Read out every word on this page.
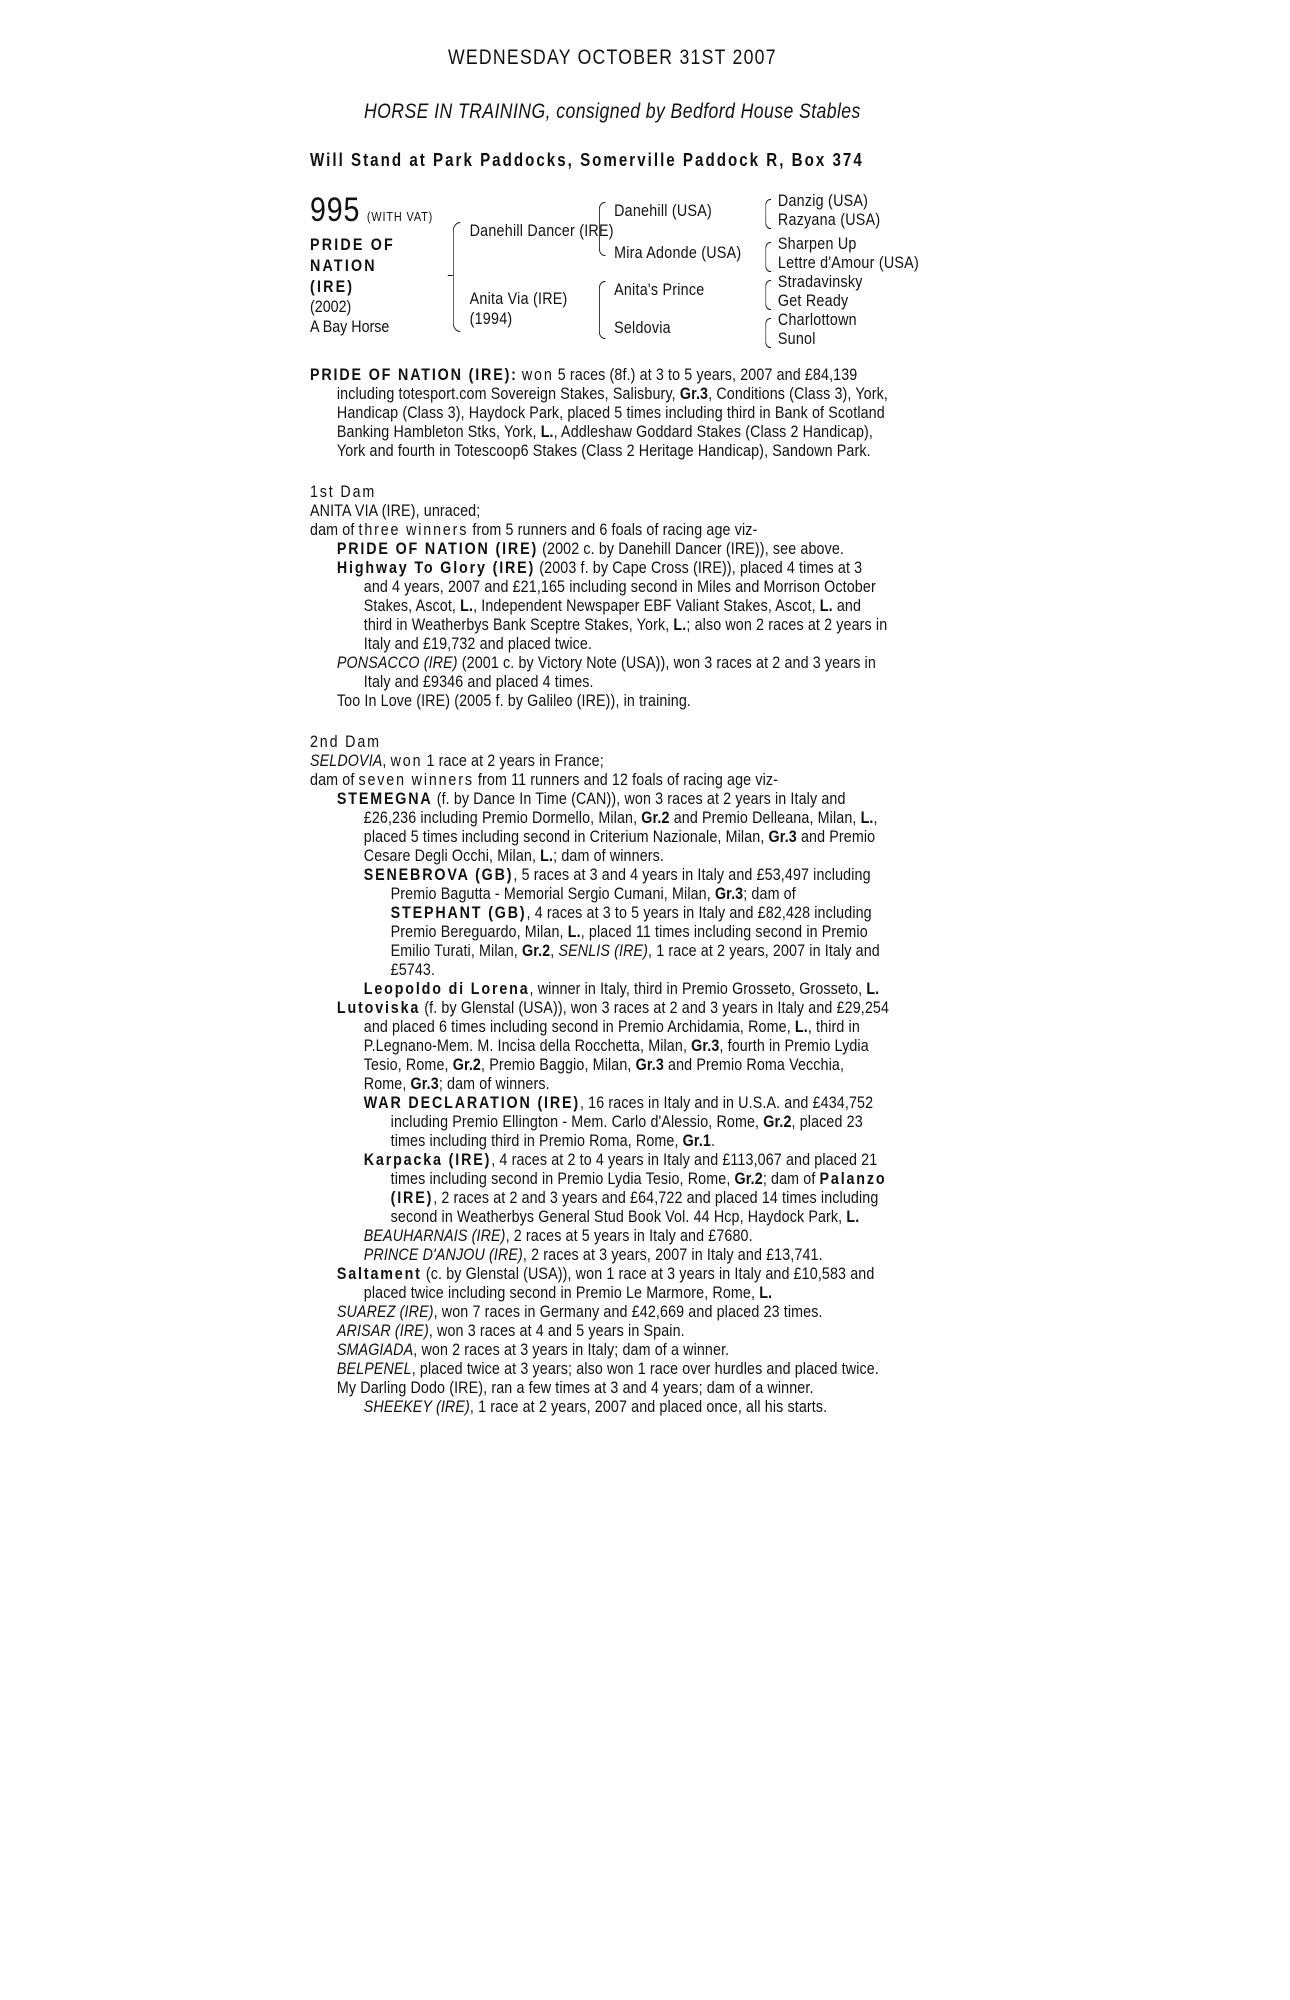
WEDNESDAY OCTOBER 31ST 2007
HORSE IN TRAINING, consigned by Bedford House Stables
Will Stand at Park Paddocks, Somerville Paddock R, Box 374
995 (WITH VAT)
PRIDE OF NATION
(IRE)
(2002)
A Bay Horse
Danehill Dancer (IRE)
Anita Via (IRE)
(1994)
Danehill (USA)
Mira Adonde (USA)
Anita's Prince
Seldovia
Danzig (USA)
Razyana (USA)
Sharpen Up
Lettre d'Amour (USA)
Stradavinsky
Get Ready
Charlottown
Sunol

PRIDE OF NATION (IRE): won 5 races (8f.) at 3 to 5 years, 2007 and £84,139 including totesport.com Sovereign Stakes, Salisbury, Gr.3, Conditions (Class 3), York, Handicap (Class 3), Haydock Park, placed 5 times including third in Bank of Scotland Banking Hambleton Stks, York, L., Addleshaw Goddard Stakes (Class 2 Handicap), York and fourth in Totescoop6 Stakes (Class 2 Heritage Handicap), Sandown Park.

1st Dam

ANITA VIA (IRE), unraced;

dam of three winners from 5 runners and 6 foals of racing age viz-

PRIDE OF NATION (IRE) (2002 c. by Danehill Dancer (IRE)), see above.

Highway To Glory (IRE) (2003 f. by Cape Cross (IRE)), placed 4 times at 3 and 4 years, 2007 and £21,165 including second in Miles and Morrison October Stakes, Ascot, L., Independent Newspaper EBF Valiant Stakes, Ascot, L. and third in Weatherbys Bank Sceptre Stakes, York, L.; also won 2 races at 2 years in Italy and £19,732 and placed twice.

PONSACCO (IRE) (2001 c. by Victory Note (USA)), won 3 races at 2 and 3 years in Italy and £9346 and placed 4 times.

Too In Love (IRE) (2005 f. by Galileo (IRE)), in training.

2nd Dam

SELDOVIA, won 1 race at 2 years in France;

dam of seven winners from 11 runners and 12 foals of racing age viz-

STEMEGNA (f. by Dance In Time (CAN)), won 3 races at 2 years in Italy and £26,236 including Premio Dormello, Milan, Gr.2 and Premio Delleana, Milan, L., placed 5 times including second in Criterium Nazionale, Milan, Gr.3 and Premio Cesare Degli Occhi, Milan, L.; dam of winners.

SENEBROVA (GB), 5 races at 3 and 4 years in Italy and £53,497 including Premio Bagutta - Memorial Sergio Cumani, Milan, Gr.3; dam of STEPHANT (GB), 4 races at 3 to 5 years in Italy and £82,428 including Premio Bereguardo, Milan, L., placed 11 times including second in Premio Emilio Turati, Milan, Gr.2, SENLIS (IRE), 1 race at 2 years, 2007 in Italy and £5743.

Leopoldo di Lorena, winner in Italy, third in Premio Grosseto, Grosseto, L.

Lutoviska (f. by Glenstal (USA)), won 3 races at 2 and 3 years in Italy and £29,254 and placed 6 times including second in Premio Archidamia, Rome, L., third in P.Legnano-Mem. M. Incisa della Rocchetta, Milan, Gr.3, fourth in Premio Lydia Tesio, Rome, Gr.2, Premio Baggio, Milan, Gr.3 and Premio Roma Vecchia, Rome, Gr.3; dam of winners.

WAR DECLARATION (IRE), 16 races in Italy and in U.S.A. and £434,752 including Premio Ellington - Mem. Carlo d'Alessio, Rome, Gr.2, placed 23 times including third in Premio Roma, Rome, Gr.1.

Karpacka (IRE), 4 races at 2 to 4 years in Italy and £113,067 and placed 21 times including second in Premio Lydia Tesio, Rome, Gr.2; dam of Palanzo (IRE), 2 races at 2 and 3 years and £64,722 and placed 14 times including second in Weatherbys General Stud Book Vol. 44 Hcp, Haydock Park, L.

BEAUHARNAIS (IRE), 2 races at 5 years in Italy and £7680.

PRINCE D'ANJOU (IRE), 2 races at 3 years, 2007 in Italy and £13,741.

Saltament (c. by Glenstal (USA)), won 1 race at 3 years in Italy and £10,583 and placed twice including second in Premio Le Marmore, Rome, L.

SUAREZ (IRE), won 7 races in Germany and £42,669 and placed 23 times.

ARISAR (IRE), won 3 races at 4 and 5 years in Spain.

SMAGIADA, won 2 races at 3 years in Italy; dam of a winner.

BELPENEL, placed twice at 3 years; also won 1 race over hurdles and placed twice.

My Darling Dodo (IRE), ran a few times at 3 and 4 years; dam of a winner.

SHEEKEY (IRE), 1 race at 2 years, 2007 and placed once, all his starts.
